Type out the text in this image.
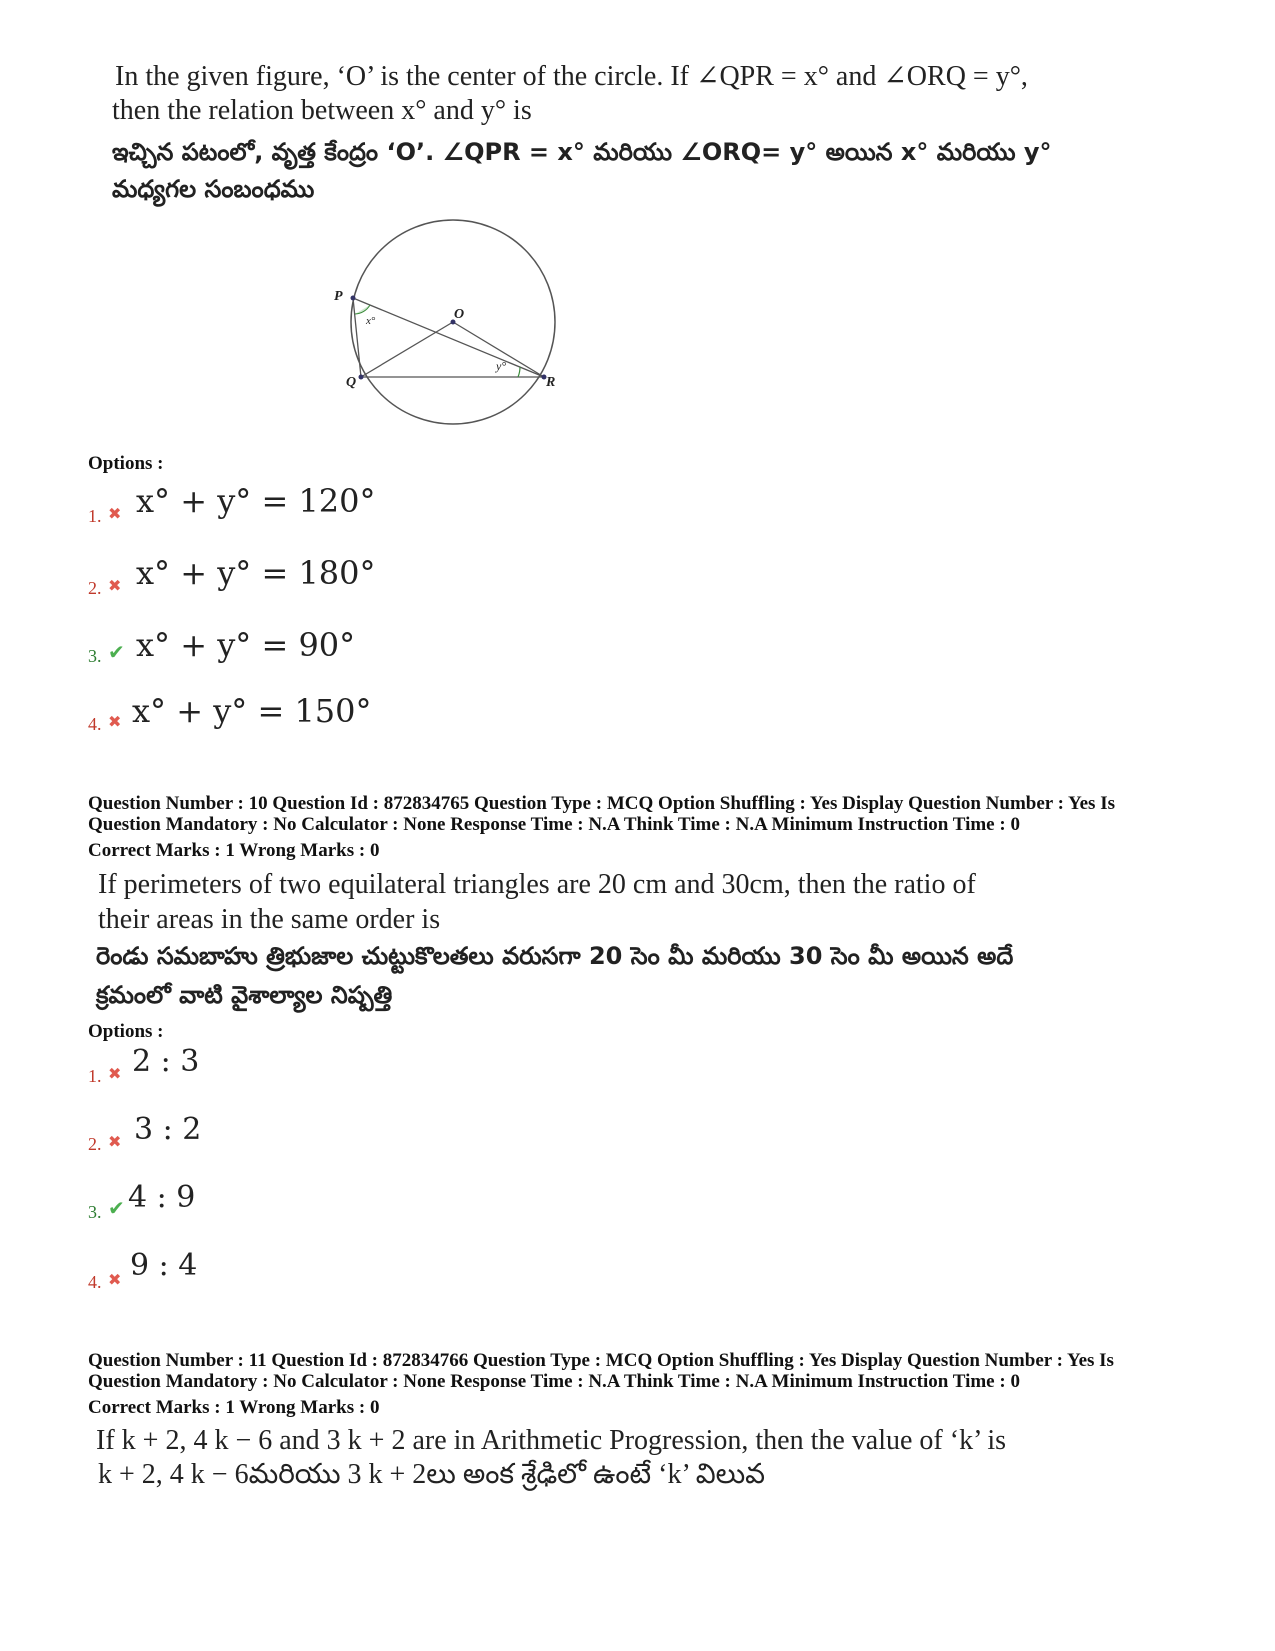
In the given figure, ‘O’ is the center of the circle. If ∠QPR = x° and ∠ORQ = y°,
then the relation between x° and y° is
ఇచ్చిన పటంలో, వృత్త కేంద్రం ‘O’. ∠QPR = x° మరియు ∠ORQ= y° అయిన x° మరియు y°
మధ్యగల సంబంధము
P
O
Q	R
x°
y°
Options :
1. ✖ x° + y° = 120°
2. ✖ x° + y° = 180°
3. ✔ x° + y° = 90°
4. ✖ x° + y° = 150°
Question Number : 10 Question Id : 872834765 Question Type : MCQ Option Shuffling : Yes Display Question Number : Yes Is
Question Mandatory : No Calculator : None Response Time : N.A Think Time : N.A Minimum Instruction Time : 0
Correct Marks : 1 Wrong Marks : 0
If perimeters of two equilateral triangles are 20 cm and 30cm, then the ratio of
their areas in the same order is
రెండు సమబాహు త్రిభుజాల చుట్టుకొలతలు వరుసగా 20 సెం మీ మరియు 30 సెం మీ అయిన అదే
క్రమంలో వాటి వైశాల్యాల నిష్పత్తి
Options :
1. ✖ 2 : 3
2. ✖ 3 : 2
3. ✔ 4 : 9
4. ✖ 9 : 4
Question Number : 11 Question Id : 872834766 Question Type : MCQ Option Shuffling : Yes Display Question Number : Yes Is
Question Mandatory : No Calculator : None Response Time : N.A Think Time : N.A Minimum Instruction Time : 0
Correct Marks : 1 Wrong Marks : 0
If k + 2, 4 k − 6 and 3 k + 2 are in Arithmetic Progression, then the value of ‘k’ is
k + 2, 4 k − 6మరియు 3 k + 2లు అంక శ్రేఢిలో ఉంటే ‘k’ విలువ
